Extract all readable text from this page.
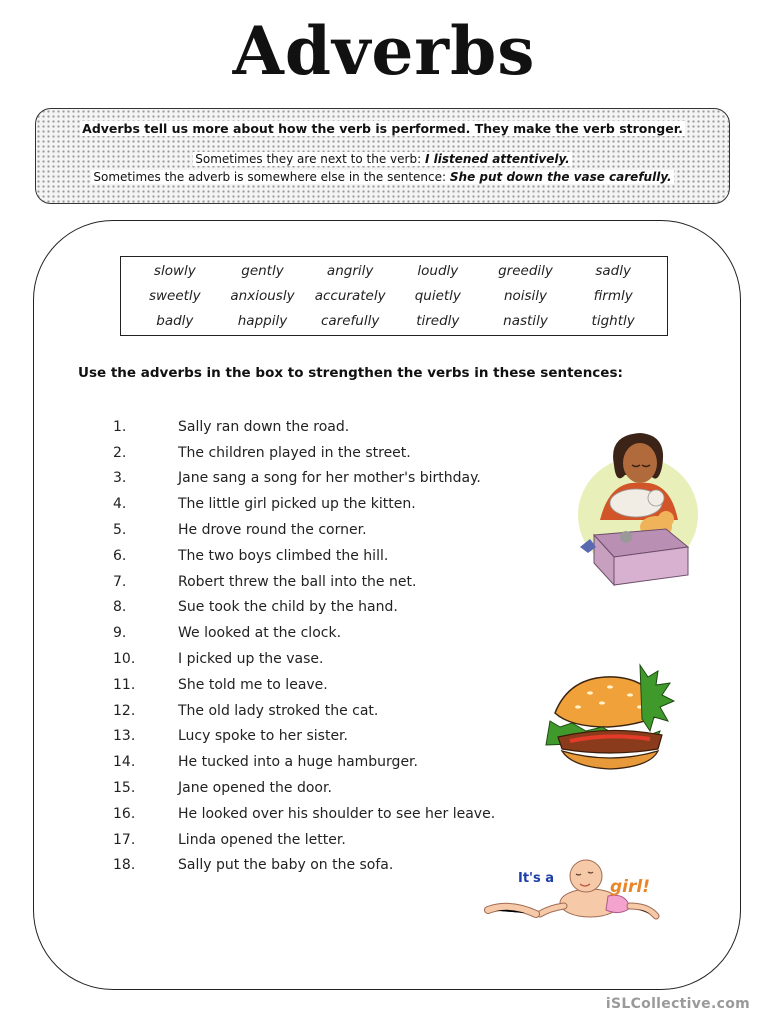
Adverbs
Adverbs tell us more about how the verb is performed. They make the verb stronger.
Sometimes they are next to the verb: I listened attentively.
Sometimes the adverb is somewhere else in the sentence: She put down the vase carefully.
slowly	gently	angrily	loudly	greedily	sadly
sweetly	anxiously	accurately	quietly	noisily	firmly
badly	happily	carefully	tiredly	nastily	tightly
Use the adverbs in the box to strengthen the verbs in these sentences:
1.	Sally ran down the road.
2.	The children played in the street.
3.	Jane sang a song for her mother's birthday.
4.	The little girl picked up the kitten.
5.	He drove round the corner.
6.	The two boys climbed the hill.
7.	Robert threw the ball into the net.
8.	Sue took the child by the hand.
9.	We looked at the clock.
10.	I picked up the vase.
11.	She told me to leave.
12.	The old lady stroked the cat.
13.	Lucy spoke to her sister.
14.	He tucked into a huge hamburger.
15.	Jane opened the door.
16.	He looked over his shoulder to see her leave.
17.	Linda opened the letter.
18.	Sally put the baby on the sofa.
It's a	girl!
iSLCollective.com
